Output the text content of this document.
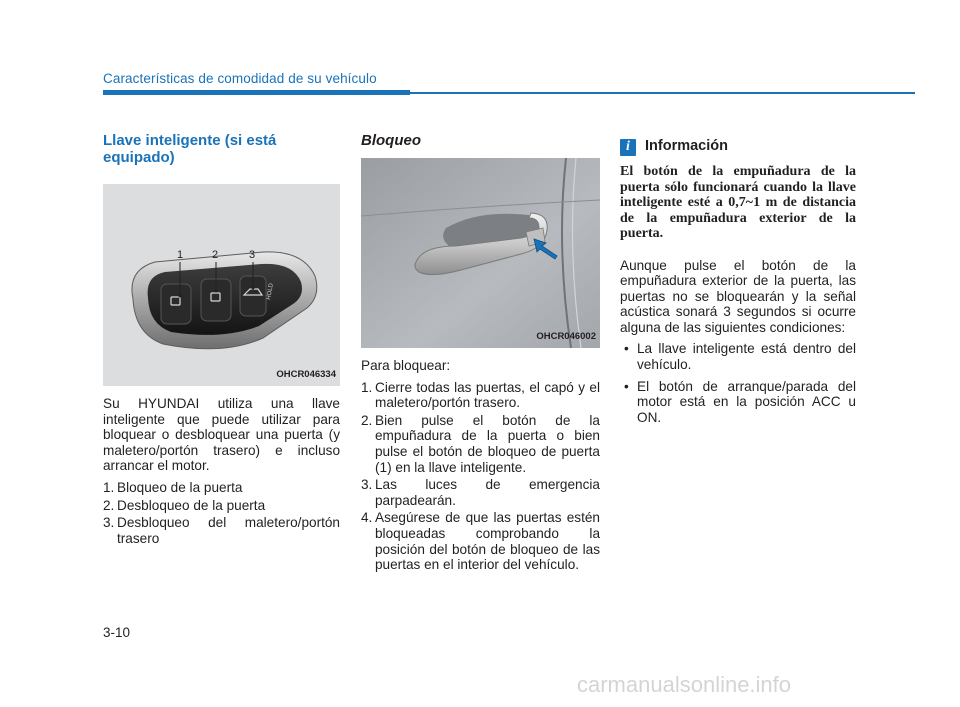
Características de comodidad de su vehículo
Llave inteligente (si está equipado)
HOLD
1	2	3
OHCR046334

Su HYUNDAI utiliza una llave inteligente que puede utilizar para bloquear o desbloquear una puerta (y maletero/portón trasero) e incluso arrancar el motor.

1. Bloqueo de la puerta
2. Desbloqueo de la puerta
3. Desbloqueo del maletero/portón trasero
Bloqueo
OHCR046002

Para bloquear:

1. Cierre todas las puertas, el capó y el maletero/portón trasero.
2. Bien pulse el botón de la empuñadura de la puerta o bien pulse el botón de bloqueo de puerta (1) en la llave inteligente.
3. Las luces de emergencia parpadearán.
4. Asegúrese de que las puertas estén bloqueadas comprobando la posición del botón de bloqueo de las puertas en el interior del vehículo.
i	Información

El botón de la empuñadura de la puerta sólo funcionará cuando la llave inteligente esté a 0,7~1 m de distancia de la empuñadura exterior de la puerta.

Aunque pulse el botón de la empuñadura exterior de la puerta, las puertas no se bloquearán y la señal acústica sonará 3 segundos si ocurre alguna de las siguientes condiciones:

• La llave inteligente está dentro del vehículo.
• El botón de arranque/parada del motor está en la posición ACC u ON.
3-10
carmanualsonline.info
